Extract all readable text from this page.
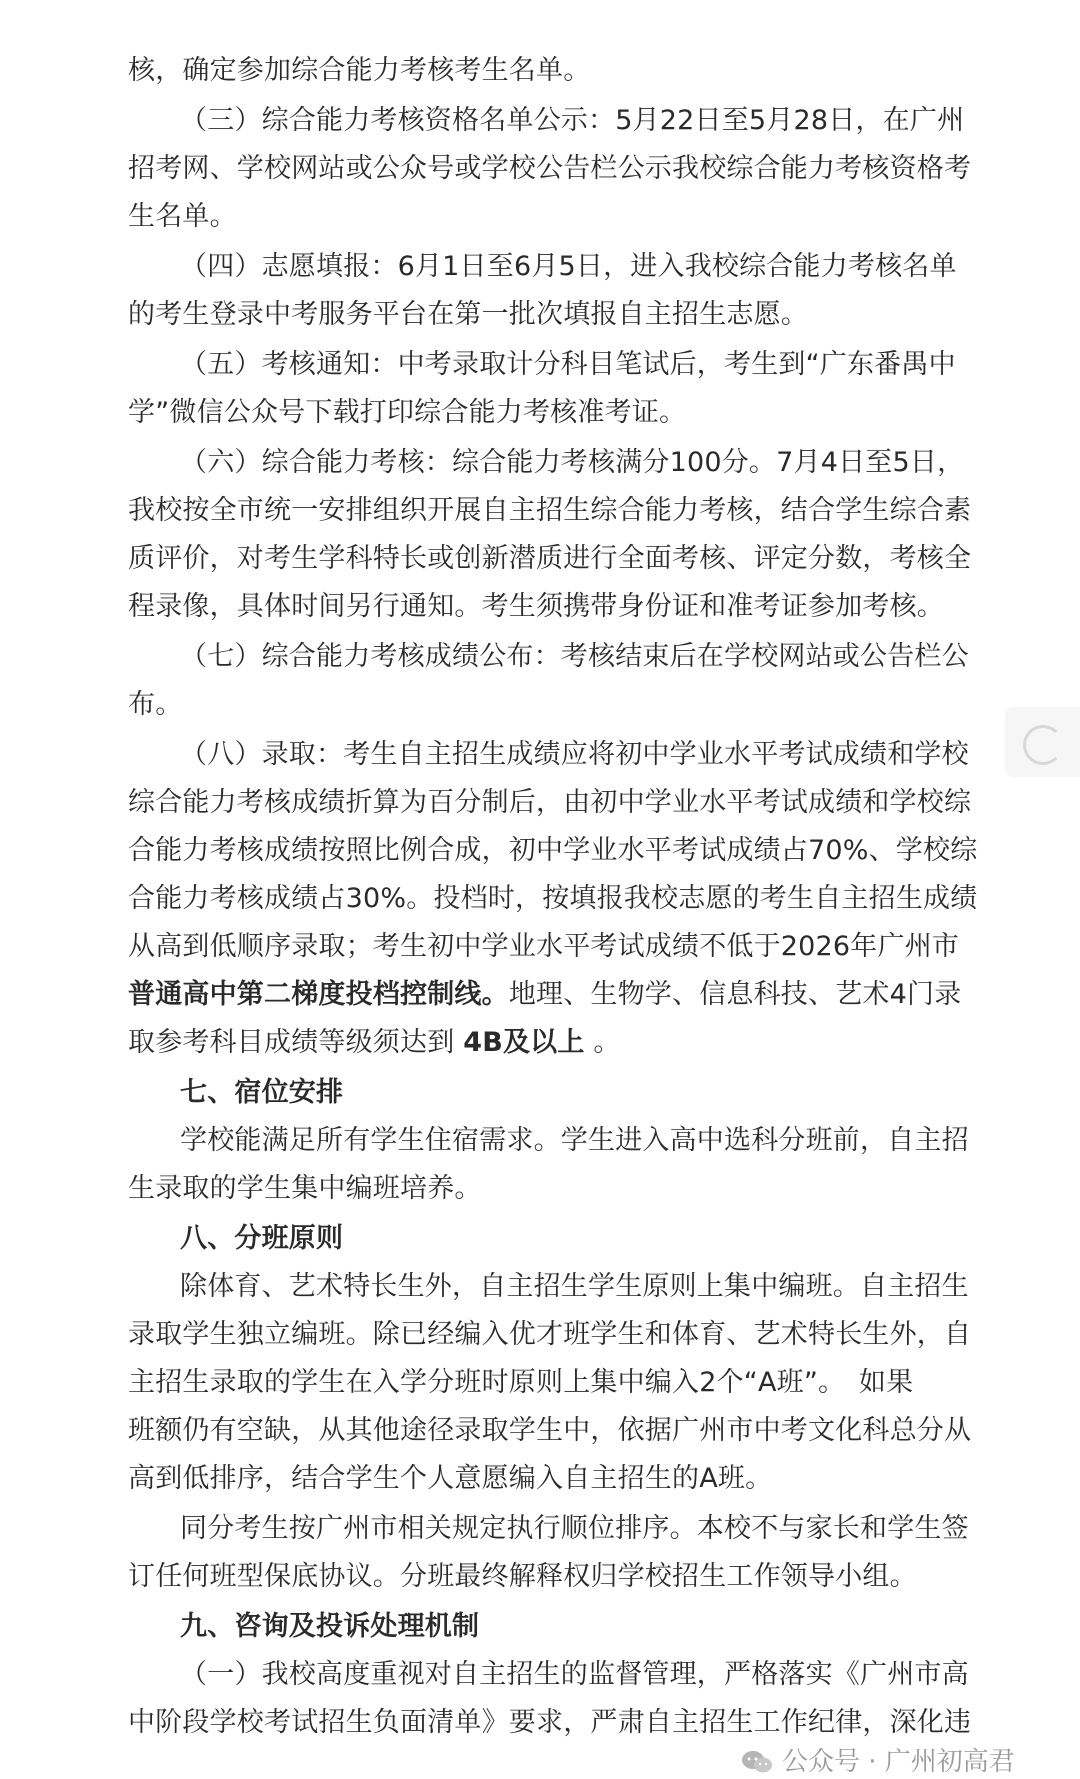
核，确定参加综合能力考核考生名单。
（三）综合能力考核资格名单公示：5月22日至5月28日，在广州
招考网、学校网站或公众号或学校公告栏公示我校综合能力考核资格考
生名单。
（四）志愿填报：6月1日至6月5日，进入我校综合能力考核名单
的考生登录中考服务平台在第一批次填报自主招生志愿。
（五）考核通知：中考录取计分科目笔试后，考生到“广东番禺中
学”微信公众号下载打印综合能力考核准考证。
（六）综合能力考核：综合能力考核满分100分。7月4日至5日，
我校按全市统一安排组织开展自主招生综合能力考核，结合学生综合素
质评价，对考生学科特长或创新潜质进行全面考核、评定分数，考核全
程录像，具体时间另行通知。考生须携带身份证和准考证参加考核。
（七）综合能力考核成绩公布：考核结束后在学校网站或公告栏公
布。
（八）录取：考生自主招生成绩应将初中学业水平考试成绩和学校
综合能力考核成绩折算为百分制后，由初中学业水平考试成绩和学校综
合能力考核成绩按照比例合成，初中学业水平考试成绩占70%、学校综
合能力考核成绩占30%。投档时，按填报我校志愿的考生自主招生成绩
从高到低顺序录取；考生初中学业水平考试成绩不低于2026年广州市
普通高中第二梯度投档控制线。地理、生物学、信息科技、艺术4门录
取参考科目成绩等级须达到 4B及以上 。
七、宿位安排
学校能满足所有学生住宿需求。学生进入高中选科分班前，自主招
生录取的学生集中编班培养。
八、分班原则
除体育、艺术特长生外，自主招生学生原则上集中编班。自主招生
录取学生独立编班。除已经编入优才班学生和体育、艺术特长生外，自
主招生录取的学生在入学分班时原则上集中编入2个“A班”。　如果
班额仍有空缺，从其他途径录取学生中，依据广州市中考文化科总分从
高到低排序，结合学生个人意愿编入自主招生的A班。
同分考生按广州市相关规定执行顺位排序。本校不与家长和学生签
订任何班型保底协议。分班最终解释权归学校招生工作领导小组。
九、咨询及投诉处理机制
（一）我校高度重视对自主招生的监督管理，严格落实《广州市高
中阶段学校考试招生负面清单》要求，严肃自主招生工作纪律，深化违
公众号 · 广州初高君
